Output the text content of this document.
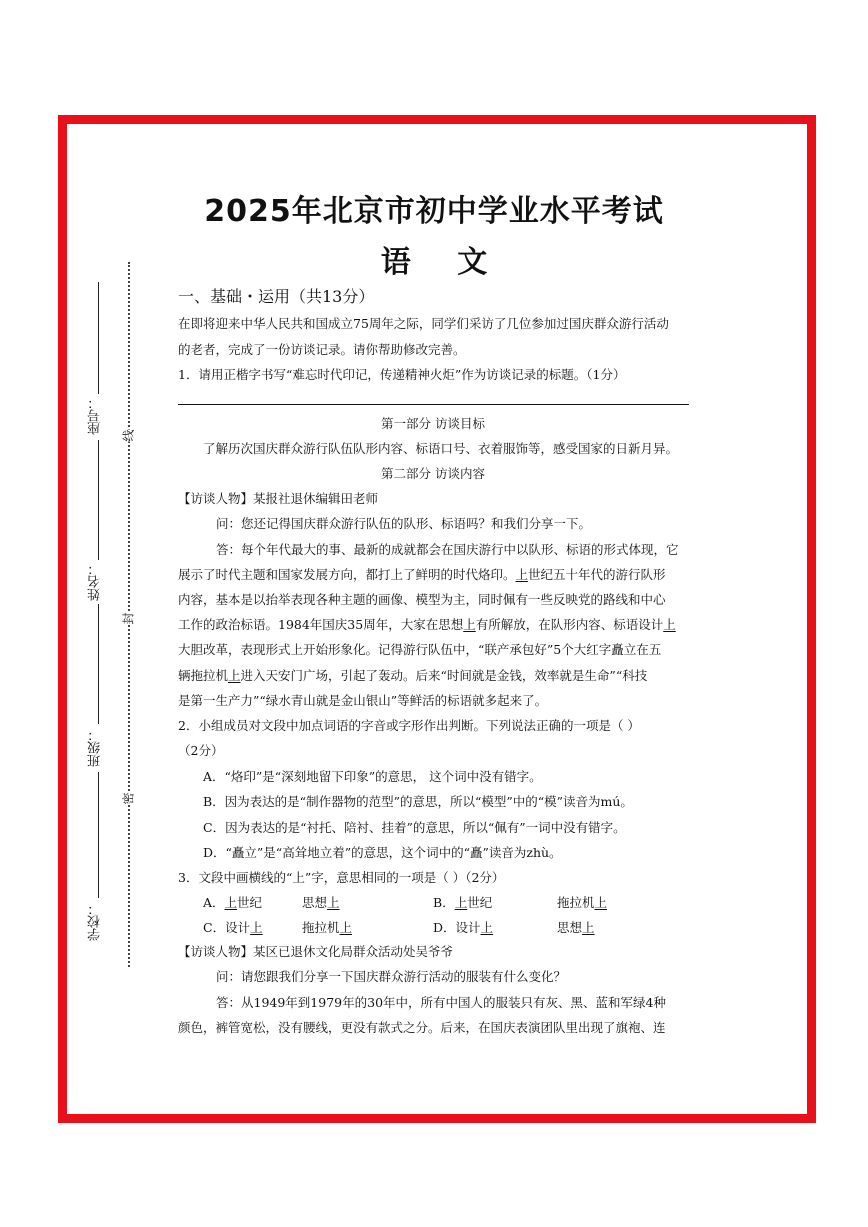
座号：
姓名：
班级：
学校：
线
封
密
2025年北京市初中学业水平考试
语 文
一、基础・运用（共13分）
在即将迎来中华人民共和国成立75周年之际，同学们采访了几位参加过国庆群众游行活动
的老者，完成了一份访谈记录。请你帮助修改完善。
1．请用正楷字书写“难忘时代印记，传递精神火炬”作为访谈记录的标题。（1分）
第一部分 访谈目标
了解历次国庆群众游行队伍队形内容、标语口号、衣着服饰等，感受国家的日新月异。
第二部分 访谈内容
【访谈人物】某报社退休编辑田老师
问：您还记得国庆群众游行队伍的队形、标语吗？和我们分享一下。
答：每个年代最大的事、最新的成就都会在国庆游行中以队形、标语的形式体现，它
展示了时代主题和国家发展方向，都打上了鲜明的时代烙印。上世纪五十年代的游行队形
内容，基本是以抬举表现各种主题的画像、模型为主，同时佩有一些反映党的路线和中心
工作的政治标语。1984年国庆35周年，大家在思想上有所解放，在队形内容、标语设计上
大胆改革，表现形式上开始形象化。记得游行队伍中，“联产承包好”5个大红字矗立在五
辆拖拉机上进入天安门广场，引起了轰动。后来“时间就是金钱，效率就是生命”“科技
是第一生产力”“绿水青山就是金山银山”等鲜活的标语就多起来了。
2．小组成员对文段中加点词语的字音或字形作出判断。下列说法正确的一项是（ ）
（2分）
A．“烙印”是“深刻地留下印象”的意思， 这个词中没有错字。
B．因为表达的是“制作器物的范型”的意思，所以“模型”中的“模”读音为mú。
C．因为表达的是“衬托、陪衬、挂着”的意思，所以“佩有”一词中没有错字。
D．“矗立”是“高耸地立着”的意思，这个词中的“矗”读音为zhù。
3．文段中画横线的“上”字，意思相同的一项是（ ）（2分）
A．上世纪	思想上	B．上世纪	拖拉机上
C．设计上	拖拉机上	D．设计上	思想上
【访谈人物】某区已退休文化局群众活动处吴爷爷
问：请您跟我们分享一下国庆群众游行活动的服装有什么变化？
答：从1949年到1979年的30年中，所有中国人的服装只有灰、黑、蓝和军绿4种
颜色，裤管宽松，没有腰线，更没有款式之分。后来，在国庆表演团队里出现了旗袍、连
